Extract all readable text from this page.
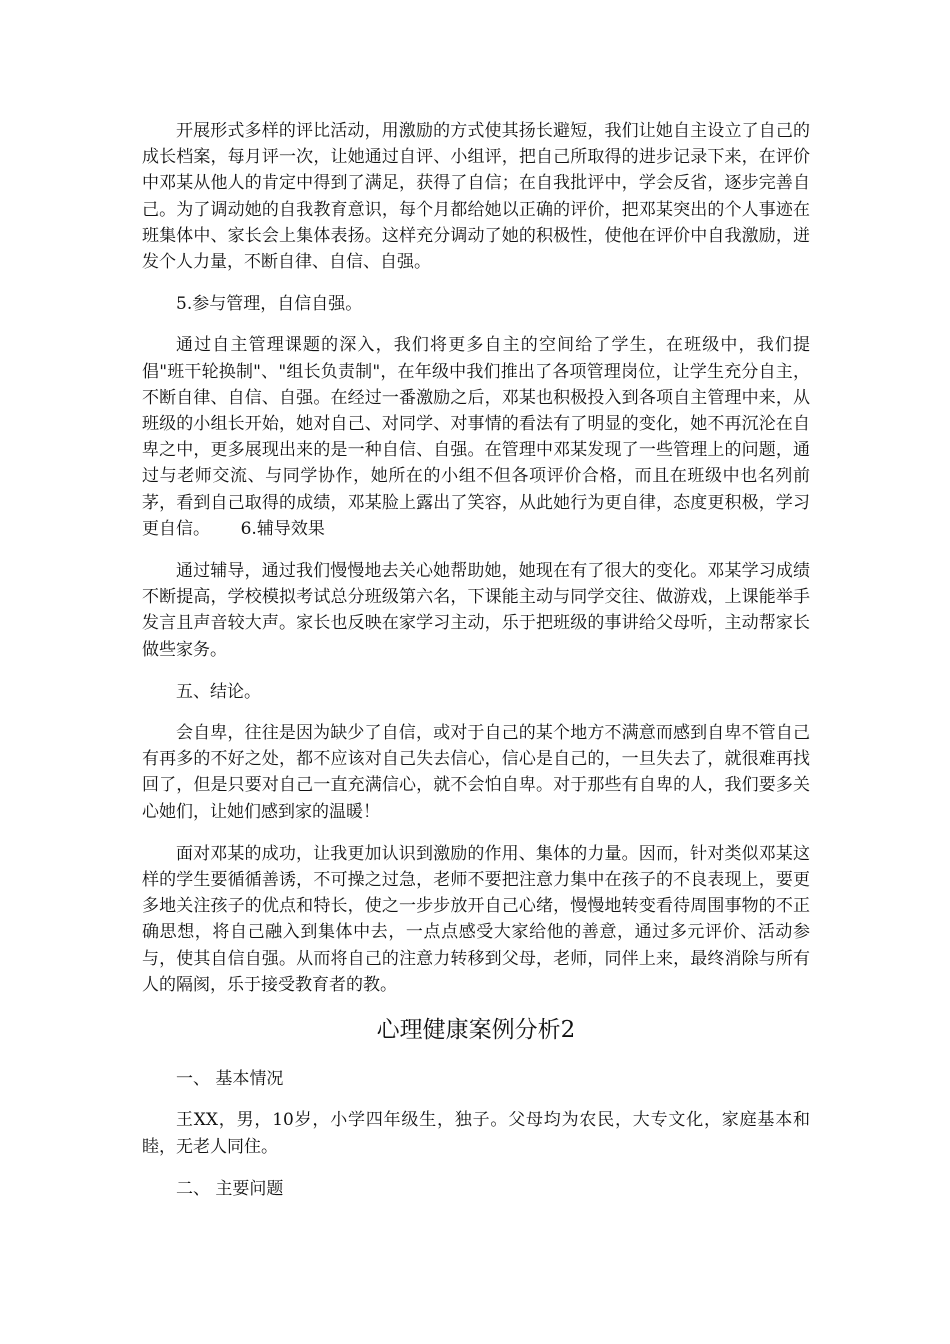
开展形式多样的评比活动，用激励的方式使其扬长避短，我们让她自主设立了自己的成长档案，每月评一次，让她通过自评、小组评，把自己所取得的进步记录下来，在评价中邓某从他人的肯定中得到了满足，获得了自信；在自我批评中，学会反省，逐步完善自己。为了调动她的自我教育意识，每个月都给她以正确的评价，把邓某突出的个人事迹在班集体中、家长会上集体表扬。这样充分调动了她的积极性，使他在评价中自我激励，迸发个人力量，不断自律、自信、自强。

5.参与管理，自信自强。

通过自主管理课题的深入，我们将更多自主的空间给了学生，在班级中，我们提倡"班干轮换制"、"组长负责制"，在年级中我们推出了各项管理岗位，让学生充分自主，不断自律、自信、自强。在经过一番激励之后，邓某也积极投入到各项自主管理中来，从班级的小组长开始，她对自己、对同学、对事情的看法有了明显的变化，她不再沉沦在自卑之中，更多展现出来的是一种自信、自强。在管理中邓某发现了一些管理上的问题，通过与老师交流、与同学协作，她所在的小组不但各项评价合格，而且在班级中也名列前茅，看到自己取得的成绩，邓某脸上露出了笑容，从此她行为更自律，态度更积极，学习更自信。 6.辅导效果

通过辅导，通过我们慢慢地去关心她帮助她，她现在有了很大的变化。邓某学习成绩不断提高，学校模拟考试总分班级第六名，下课能主动与同学交往、做游戏，上课能举手发言且声音较大声。家长也反映在家学习主动，乐于把班级的事讲给父母听，主动帮家长做些家务。

五、结论。

会自卑，往往是因为缺少了自信，或对于自己的某个地方不满意而感到自卑不管自己有再多的不好之处，都不应该对自己失去信心，信心是自己的，一旦失去了，就很难再找回了，但是只要对自己一直充满信心，就不会怕自卑。对于那些有自卑的人，我们要多关心她们，让她们感到家的温暖！

面对邓某的成功，让我更加认识到激励的作用、集体的力量。因而，针对类似邓某这样的学生要循循善诱，不可操之过急，老师不要把注意力集中在孩子的不良表现上，要更多地关注孩子的优点和特长，使之一步步放开自己心绪，慢慢地转变看待周围事物的不正确思想，将自己融入到集体中去，一点点感受大家给他的善意，通过多元评价、活动参与，使其自信自强。从而将自己的注意力转移到父母，老师，同伴上来，最终消除与所有人的隔阂，乐于接受教育者的教。

心理健康案例分析2

一、 基本情况

王XX，男，10岁，小学四年级生，独子。父母均为农民，大专文化，家庭基本和睦，无老人同住。

二、 主要问题
